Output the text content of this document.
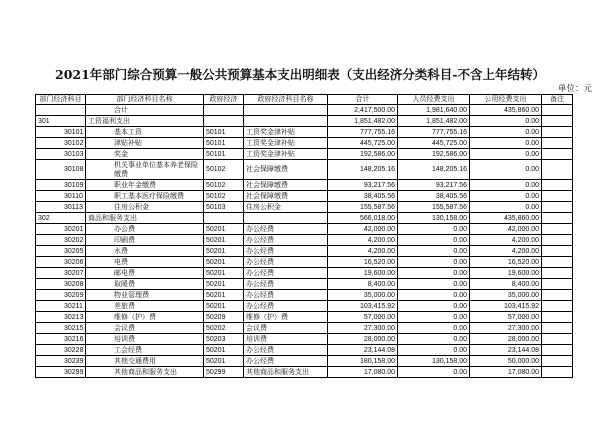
2021年部门综合预算一般公共预算基本支出明细表（支出经济分类科目-不含上年结转）
单位：元
部门经济科目	部门经济科目名称	政府经济	政府经济科目名称	合计	人员经费支出	公用经费支出	备注
	合计			2,417,500.00	1,981,640.00	435,860.00	
301	工资福利支出			1,851,482.00	1,851,482.00	0.00	
30101	基本工资	50101	工资奖金津补贴	777,755.16	777,755.16	0.00	
30102	津贴补贴	50101	工资奖金津补贴	445,725.00	445,725.00	0.00	
30103	奖金	50101	工资奖金津补贴	192,586.00	192,586.00	0.00	
30108	机关事业单位基本养老保险缴费	50102	社会保障缴费	148,205.16	148,205.16	0.00	
30109	职业年金缴费	50102	社会保障缴费	93,217.56	93,217.56	0.00	
30110	职工基本医疗保险缴费	50102	社会保障缴费	38,405.56	38,405.56	0.00	
30113	住房公积金	50103	住房公积金	155,587.56	155,587.56	0.00	
302	商品和服务支出			566,018.00	130,158.00	435,860.00	
30201	办公费	50201	办公经费	42,000.00	0.00	42,000.00	
30202	印刷费	50201	办公经费	4,200.00	0.00	4,200.00	
30205	水费	50201	办公经费	4,200.00	0.00	4,200.00	
30206	电费	50201	办公经费	16,520.00	0.00	16,520.00	
30207	邮电费	50201	办公经费	19,600.00	0.00	19,600.00	
30208	取暖费	50201	办公经费	8,400.00	0.00	8,400.00	
30209	物业管理费	50201	办公经费	35,000.00	0.00	35,000.00	
30211	差旅费	50201	办公经费	103,415.92	0.00	103,415.92	
30213	维修（护）费	50209	维修（护）费	57,000.00	0.00	57,000.00	
30215	会议费	50202	会议费	27,300.00	0.00	27,300.00	
30216	培训费	50203	培训费	28,000.00	0.00	28,000.00	
30228	工会经费	50201	办公经费	23,144.08	0.00	23,144.08	
30239	其他交通费用	50201	办公经费	180,158.00	130,158.00	50,000.00	
30299	其他商品和服务支出	50299	其他商品和服务支出	17,080.00	0.00	17,080.00	
